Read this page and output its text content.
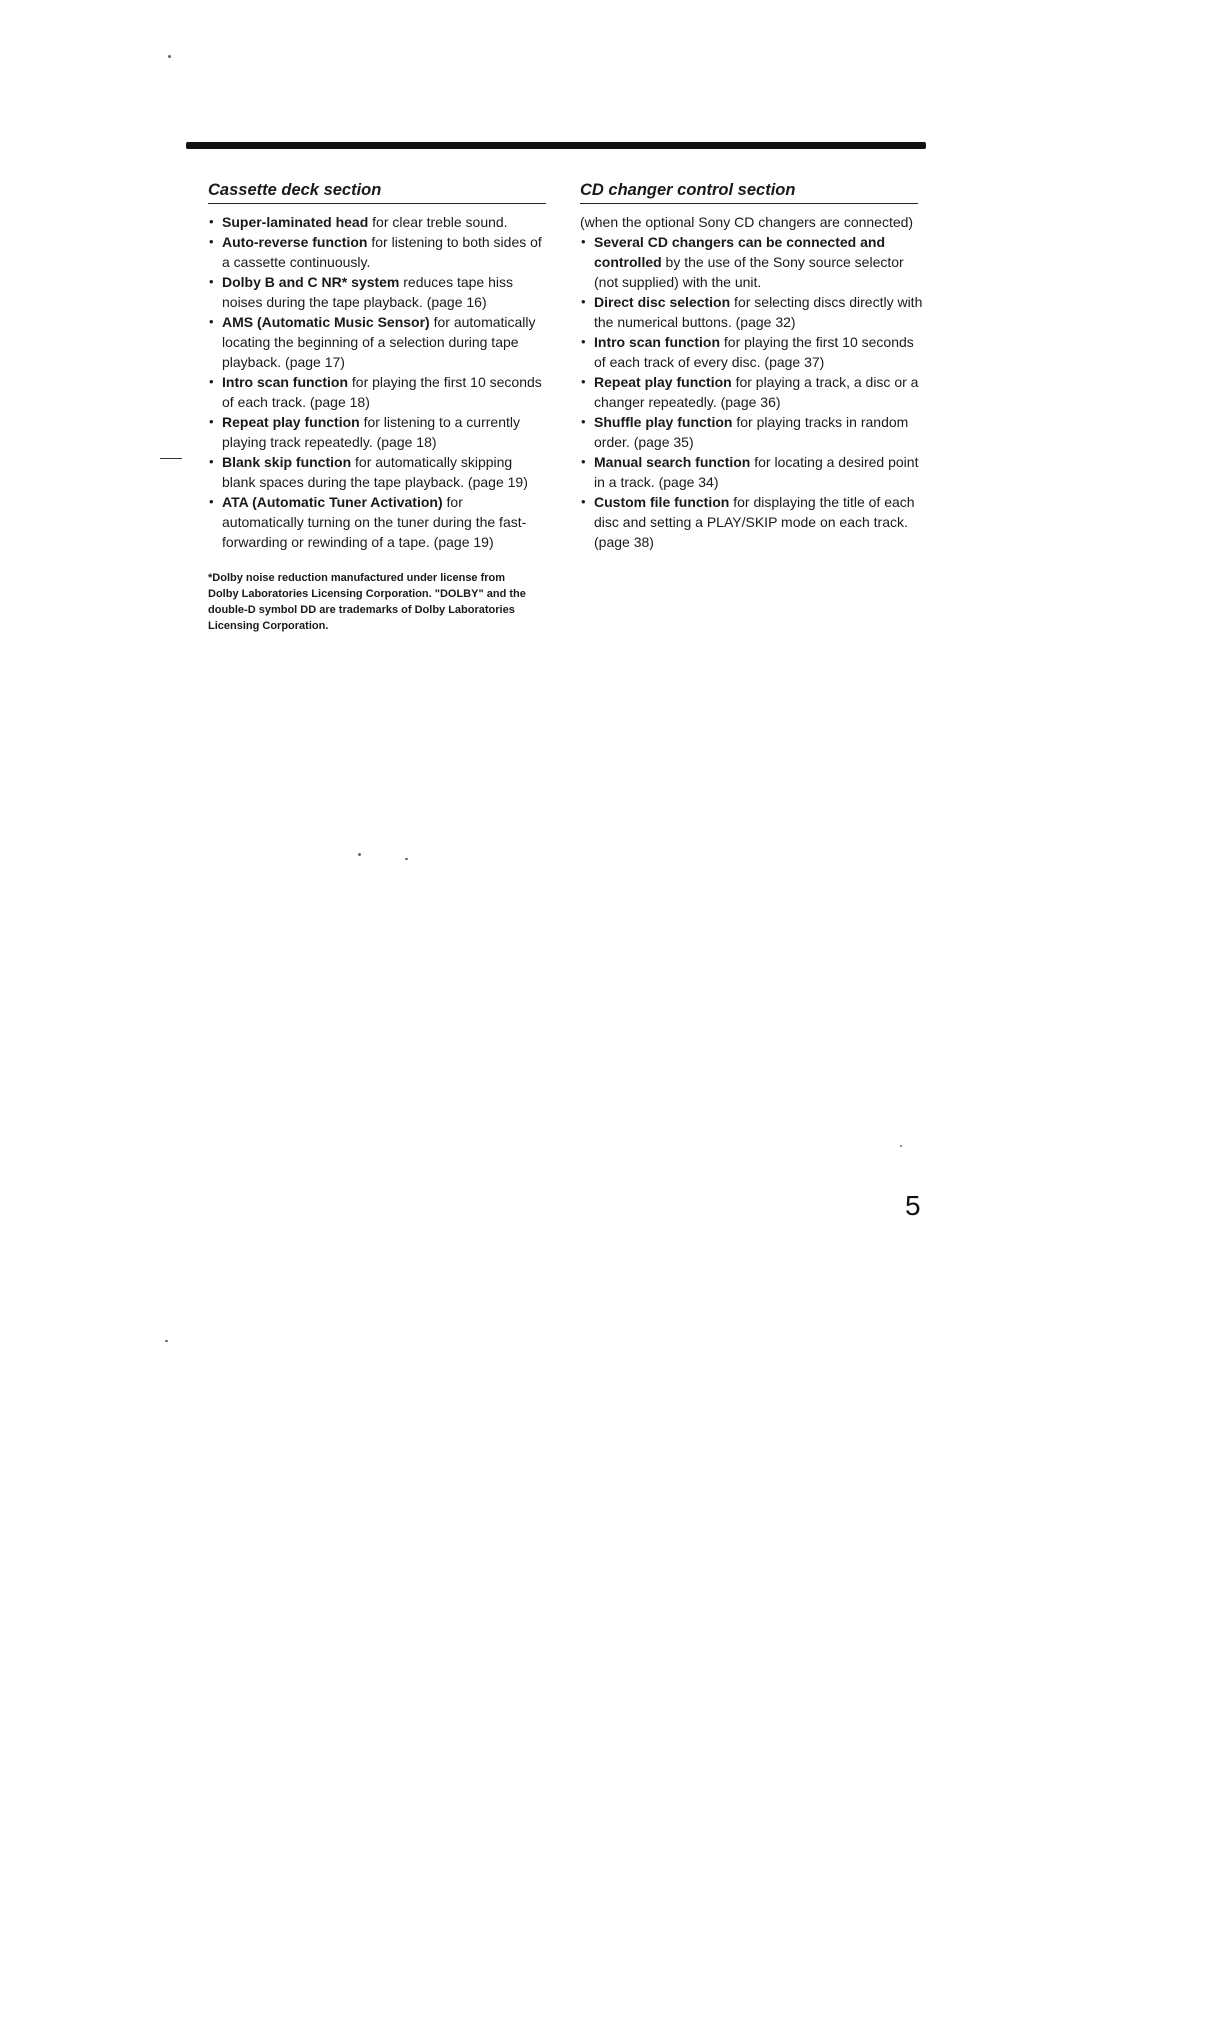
Cassette deck section
• Super-laminated head for clear treble sound.
• Auto-reverse function for listening to both sides of a cassette continuously.
• Dolby B and C NR* system reduces tape hiss noises during the tape playback. (page 16)
• AMS (Automatic Music Sensor) for automatically locating the beginning of a selection during tape playback. (page 17)
• Intro scan function for playing the first 10 seconds of each track. (page 18)
• Repeat play function for listening to a currently playing track repeatedly. (page 18)
• Blank skip function for automatically skipping blank spaces during the tape playback. (page 19)
• ATA (Automatic Tuner Activation) for automatically turning on the tuner during the fast-forwarding or rewinding of a tape. (page 19)

*Dolby noise reduction manufactured under license from Dolby Laboratories Licensing Corporation. "DOLBY" and the double-D symbol DD are trademarks of Dolby Laboratories Licensing Corporation.

CD changer control section

(when the optional Sony CD changers are connected)

• Several CD changers can be connected and controlled by the use of the Sony source selector (not supplied) with the unit.
• Direct disc selection for selecting discs directly with the numerical buttons. (page 32)
• Intro scan function for playing the first 10 seconds of each track of every disc. (page 37)
• Repeat play function for playing a track, a disc or a changer repeatedly. (page 36)
• Shuffle play function for playing tracks in random order. (page 35)
• Manual search function for locating a desired point in a track. (page 34)
• Custom file function for displaying the title of each disc and setting a PLAY/SKIP mode on each track. (page 38)
5
